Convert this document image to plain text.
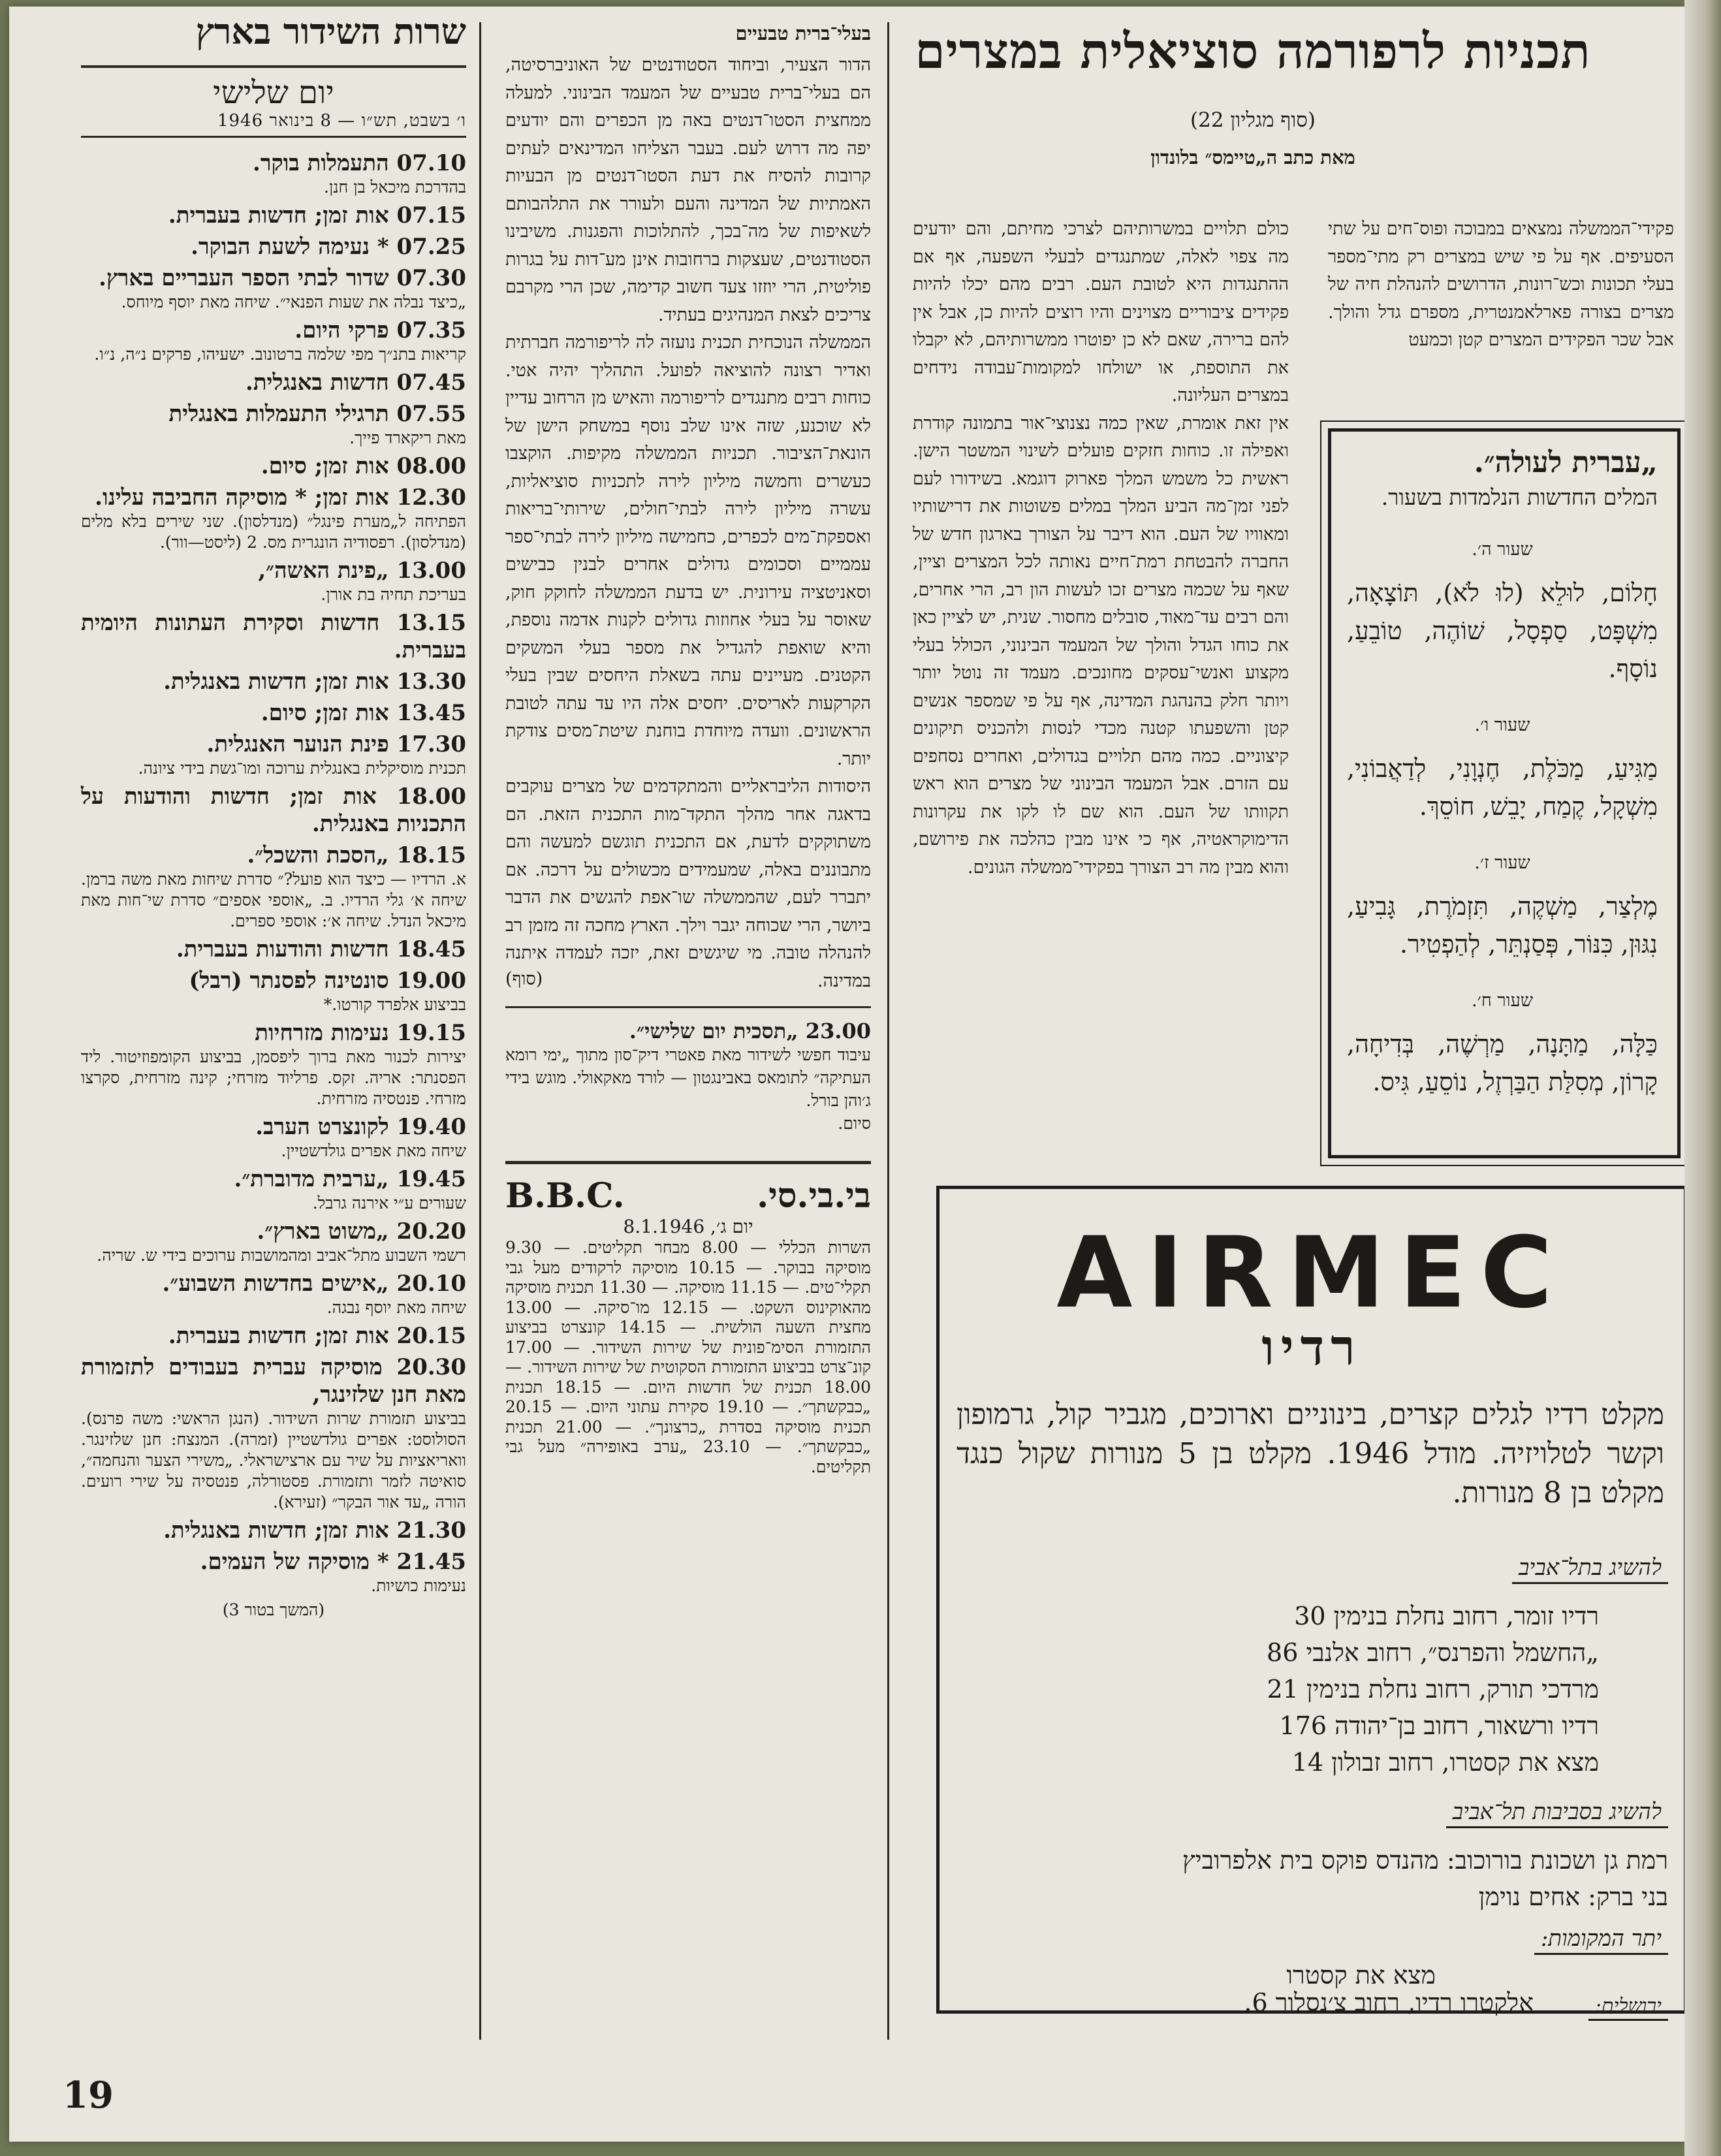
שרות השידור בארץ
יום שלישי
ו׳ בשבט, תש״ו — 8 בינואר 1946
07.10 התעמלות בוקר.
בהדרכת מיכאל בן חנן.
07.15 אות זמן; חדשות בעברית.
07.25 * נעימה לשעת הבוקר.
07.30 שדור לבתי הספר העבריים בארץ.
„כיצד נבלה את שעות הפנאי״. שיחה מאת יוסף מיוחס.
07.35 פרקי היום.
קריאות בתנ״ך מפי שלמה ברטונוב. ישעיהו, פרקים נ״ה, נ״ו.
07.45 חדשות באנגלית.
07.55 תרגילי התעמלות באנגלית
מאת ריקארד פייך.
08.00 אות זמן; סיום.
12.30 אות זמן; * מוסיקה החביבה עלינו.
הפתיחה ל„מערת פינגל״ (מנדלסון). שני שירים בלא מלים (מנדלסון). רפסודיה הונגרית מס. 2 (ליסט—וור).
13.00 „פינת האשה״,
בעריכת תחיה בת אורן.
13.15 חדשות וסקירת העתונות היומית בעברית.
13.30 אות זמן; חדשות באנגלית.
13.45 אות זמן; סיום.
17.30 פינת הנוער האנגלית.
תכנית מוסיקלית באנגלית ערוכה ומו־גשת בידי ציונה.
18.00 אות זמן; חדשות והודעות על התכניות באנגלית.
18.15 „הסכת והשכל״.
א. הרדיו — כיצד הוא פועל?״ סדרת שיחות מאת משה ברמן. שיחה א׳ גלי הרדיו. ב. „אוספי אספים״ סדרת שי־חות מאת מיכאל הנדל. שיחה א׳: אוספי ספרים.
18.45 חדשות והודעות בעברית.
19.00 סונטינה לפסנתר (רבל)
בביצוע אלפרד קורטו.*
19.15 נעימות מזרחיות
יצירות לכנור מאת ברוך ליפסמן, בביצוע הקומפוזיטור. ליד הפסנתר: אריה. זקס. פרליוד מזרחי; קינה מזרחית, סקרצו מזרחי. פנטסיה מזרחית.
19.40 לקונצרט הערב.
שיחה מאת אפרים גולדשטיין.
19.45 „ערבית מדוברת״.
שעורים ע״י אירנה גרבל.
20.20 „משוט בארץ״.
רשמי השבוע מתל־אביב ומהמושבות ערוכים בידי ש. שריה.
20.10 „אישים בחדשות השבוע״.
שיחה מאת יוסף נבגה.
20.15 אות זמן; חדשות בעברית.
20.30 מוסיקה עברית בעבודים לתזמורת מאת חנן שלזינגר,
בביצוע תזמורת שרות השידור. (הנגן הראשי: משה פרנס). הסולוסט: אפרים גולדשטיין (זמרה). המנצח: חנן שלזינגר. וואריאציות על שיר עם ארצישראלי. „משירי הצער והנחמה״, סואיטה לזמר ותזמורת. פסטורלה, פנטסיה על שירי רועים. הורה „עד אור הבקר״ (זעירא).
21.30 אות זמן; חדשות באנגלית.
21.45 * מוסיקה של העמים.
נעימות כושיות.
(המשך בטור 3)
בעלי־ברית טבעיים

הדור הצעיר, וביחוד הסטודנטים של האוניברסיטה, הם בעלי־ברית טבעיים של המעמד הבינוני. למעלה ממחצית הסטו־דנטים באה מן הכפרים והם יודעים יפה מה דרוש לעם. בעבר הצליחו המדינאים לעתים קרובות להסיח את דעת הסטו־דנטים מן הבעיות האמתיות של המדינה והעם ולעורר את התלהבותם לשאיפות של מה־בכך, להתלוכות והפגנות. משיבינו הסטודנטים, שעצקות ברחובות אינן מע־דות על בגרות פוליטית, הרי יוזזו צעד חשוב קדימה, שכן הרי מקרבם צריכים לצאת המנהיגים בעתיד.

הממשלה הנוכחית תכנית נועזה לה לריפורמה חברתית ואדיר רצונה להוציאה לפועל. התהליך יהיה אטי. כוחות רבים מתנגדים לריפורמה והאיש מן הרחוב עדיין לא שוכנע, שזה אינו שלב נוסף במשחק הישן של הונאת־הציבור. תכניות הממשלה מקיפות. הוקצבו כעשרים וחמשה מיליון לירה לתכניות סוציאליות, עשרה מיליון לירה לבתי־חולים, שירותי־בריאות ואספקת־מים לכפרים, כחמישה מיליון לירה לבתי־ספר עממיים וסכומים גדולים אחרים לבנין כבישים וסאניטציה עירונית. יש בדעת הממשלה לחוקק חוק, שאוסר על בעלי אחוזות גדולים לקנות אדמה נוספת, והיא שואפת להגדיל את מספר בעלי המשקים הקטנים. מעיינים עתה בשאלת היחסים שבין בעלי הקרקעות לאריסים. יחסים אלה היו עד עתה לטובת הראשונים. וועדה מיוחדת בוחנת שיטת־מסים צודקת יותר.

היסודות הליבראליים והמתקדמים של מצרים עוקבים בדאגה אחר מהלך התקד־מות התכנית הזאת. הם משתוקקים לדעת, אם התכנית תוגשם למעשה והם מתבוננים באלה, שמעמידים מכשולים על דרכה. אם יתברר לעם, שהממשלה שו־אפת להגשים את הדבר ביושר, הרי שכוחה יגבר וילך. הארץ מחכה זה מזמן רב להנהלה טובה. מי שיגשים זאת, יזכה לעמדה איתנה במדינה.

(סוף)
23.00 „תסכית יום שלישי״.
עיבוד חפשי לשידור מאת פאטרי דיק־סון מתוך „ימי רומא העתיקה״ לתומאס באבינגטון — לורד מאקאולי. מוגש בידי ג׳והן בורל.
סיום.
בי.בי.סי.
B.B.C.
יום ג׳, 8.1.1946

השרות הכללי — 8.00 מבחר תקליטים. — 9.30 מוסיקה בבוקר. — 10.15 מוסיקה לרקודים מעל גבי תקלי־טים. — 11.15 מוסיקה. — 11.30 תכנית מוסיקה מהאוקינוס השקט. — 12.15 מו־סיקה. — 13.00 מחצית השעה הולשית. — 14.15 קונצרט בביצוע התזמורת הסימ־פונית של שירות השידור. — 17.00 קונ־צרט בביצוע התזמורת הסקוטית של שירות השידור. — 18.00 תכנית של חדשות היום. — 18.15 תכנית „כבקשתך״. — 19.10 סקירת עתוני היום. — 20.15 תכנית מוסיקה בסדרת „כרצונך״. — 21.00 תכנית „כבקשתך״. — 23.10 „ערב באופירה״ מעל גבי תקליטים.

תכניות לרפורמה סוציאלית במצרים
(סוף מגליון 22)
מאת כתב ה„טיימס״ בלונדון

פקידי־הממשלה נמצאים במבוכה ופוס־חים על שתי הסעיפים. אף על פי שיש במצרים רק מתי־מספר בעלי תכונות וכש־רונות, הדרושים להנהלת חיה של מצרים בצורה פארלאמנטרית, מספרם גדל והולך. אבל שכר הפקידים המצרים קטן וכמעט

כולם תלויים במשרותיהם לצרכי מחיתם, והם יודעים מה צפוי לאלה, שמתנגדים לבעלי השפעה, אף אם ההתנגדות היא לטובת העם. רבים מהם יכלו להיות פקידים ציבוריים מצוינים והיו רוצים להיות כן, אבל אין להם ברירה, שאם לא כן יפוטרו ממשרותיהם, לא יקבלו את התוספת, או ישולחו למקומות־עבודה נידחים במצרים העליונה.

אין זאת אומרת, שאין כמה נצנוצי־אור בתמונה קודרת ואפילה זו. כוחות חזקים פועלים לשינוי המשטר הישן. ראשית כל משמש המלך פארוק דוגמא. בשידורו לעם לפני זמן־מה הביע המלך במלים פשוטות את דרישותיו ומאוויו של העם. הוא דיבר על הצורך בארגון חדש של החברה להבטחת רמת־חיים נאותה לכל המצרים וציין, שאף על שכמה מצרים זכו לעשות הון רב, הרי אחרים, והם רבים עד־מאוד, סובלים מחסור. שנית, יש לציין כאן את כוחו הגדל והולך של המעמד הבינוני, הכולל בעלי מקצוע ואנשי־עסקים מחונכים. מעמד זה נוטל יותר ויותר חלק בהנהגת המדינה, אף על פי שמספר אנשים קטן והשפעתו קטנה מכדי לנסות ולהכניס תיקונים קיצוניים. כמה מהם תלויים בגדולים, ואחרים נסחפים עם הזרם. אבל המעמד הבינוני של מצרים הוא ראש תקוותו של העם. הוא שם לו לקו את עקרונות הדימוקראטיה, אף כי אינו מבין כהלכה את פירושם, והוא מבין מה רב הצורך בפקידי־ממשלה הגונים.

„עברית לעולה״.
המלים החדשות הנלמדות בשעור.
שעור ה׳.
חָלוֹם, לוּלֵא (לוּ לֹא), תּוֹצָאָה, מִשְׁפָּט, סַפְסָל, שׁוֹהֶה, טוֹבֵעַ, נוֹסָף.
שעור ו׳.
מַגִּיעַ, מַכֹּלֶת, חֶנְוָנִי, לְדַאֲבוֹנִי, מִשְׁקָל, קֶמַח, יָבֵשׁ, חוֹסֵךְ.
שעור ז׳.
מֶלְצַר, מַשְׁקֶה, תִּזְמֹרֶת, גָּבִיעַ, נִגּוּן, כִּנּוֹר, פְּסַנְתֵּר, לְהַפְטִיר.
שעור ח׳.
כַּלָּה, מַתָּנָה, מַרְשֶׁה, בְּדִיחָה, קָרוֹן, מְסִלַּת הַבַּרְזֶל, נוֹסֵעַ, גִּיס.
AIRMEC
רדיו
מקלט רדיו לגלים קצרים, בינוניים וארוכים, מגביר קול, גרמופון וקשר לטלויזיה. מודל 1946. מקלט בן 5 מנורות שקול כנגד מקלט בן 8 מנורות.
להשיג בתל־אביב
רדיו זומר, רחוב נחלת בנימין 30
„החשמל והפרנס״, רחוב אלנבי 86
מרדכי תורק, רחוב נחלת בנימין 21
רדיו ורשאור, רחוב בן־יהודה 176
מצא את קסטרו, רחוב זבולון 14
להשיג בסביבות תל־אביב
רמת גן ושכונת בורוכוב: מהנדס פוקס בית אלפרוביץ
בני ברק: אחים נוימן
יתר המקומות:
מצא את קסטרו
ירושלים:
אלקטרו רדיו, רחוב צ׳נסלור 6.
19
